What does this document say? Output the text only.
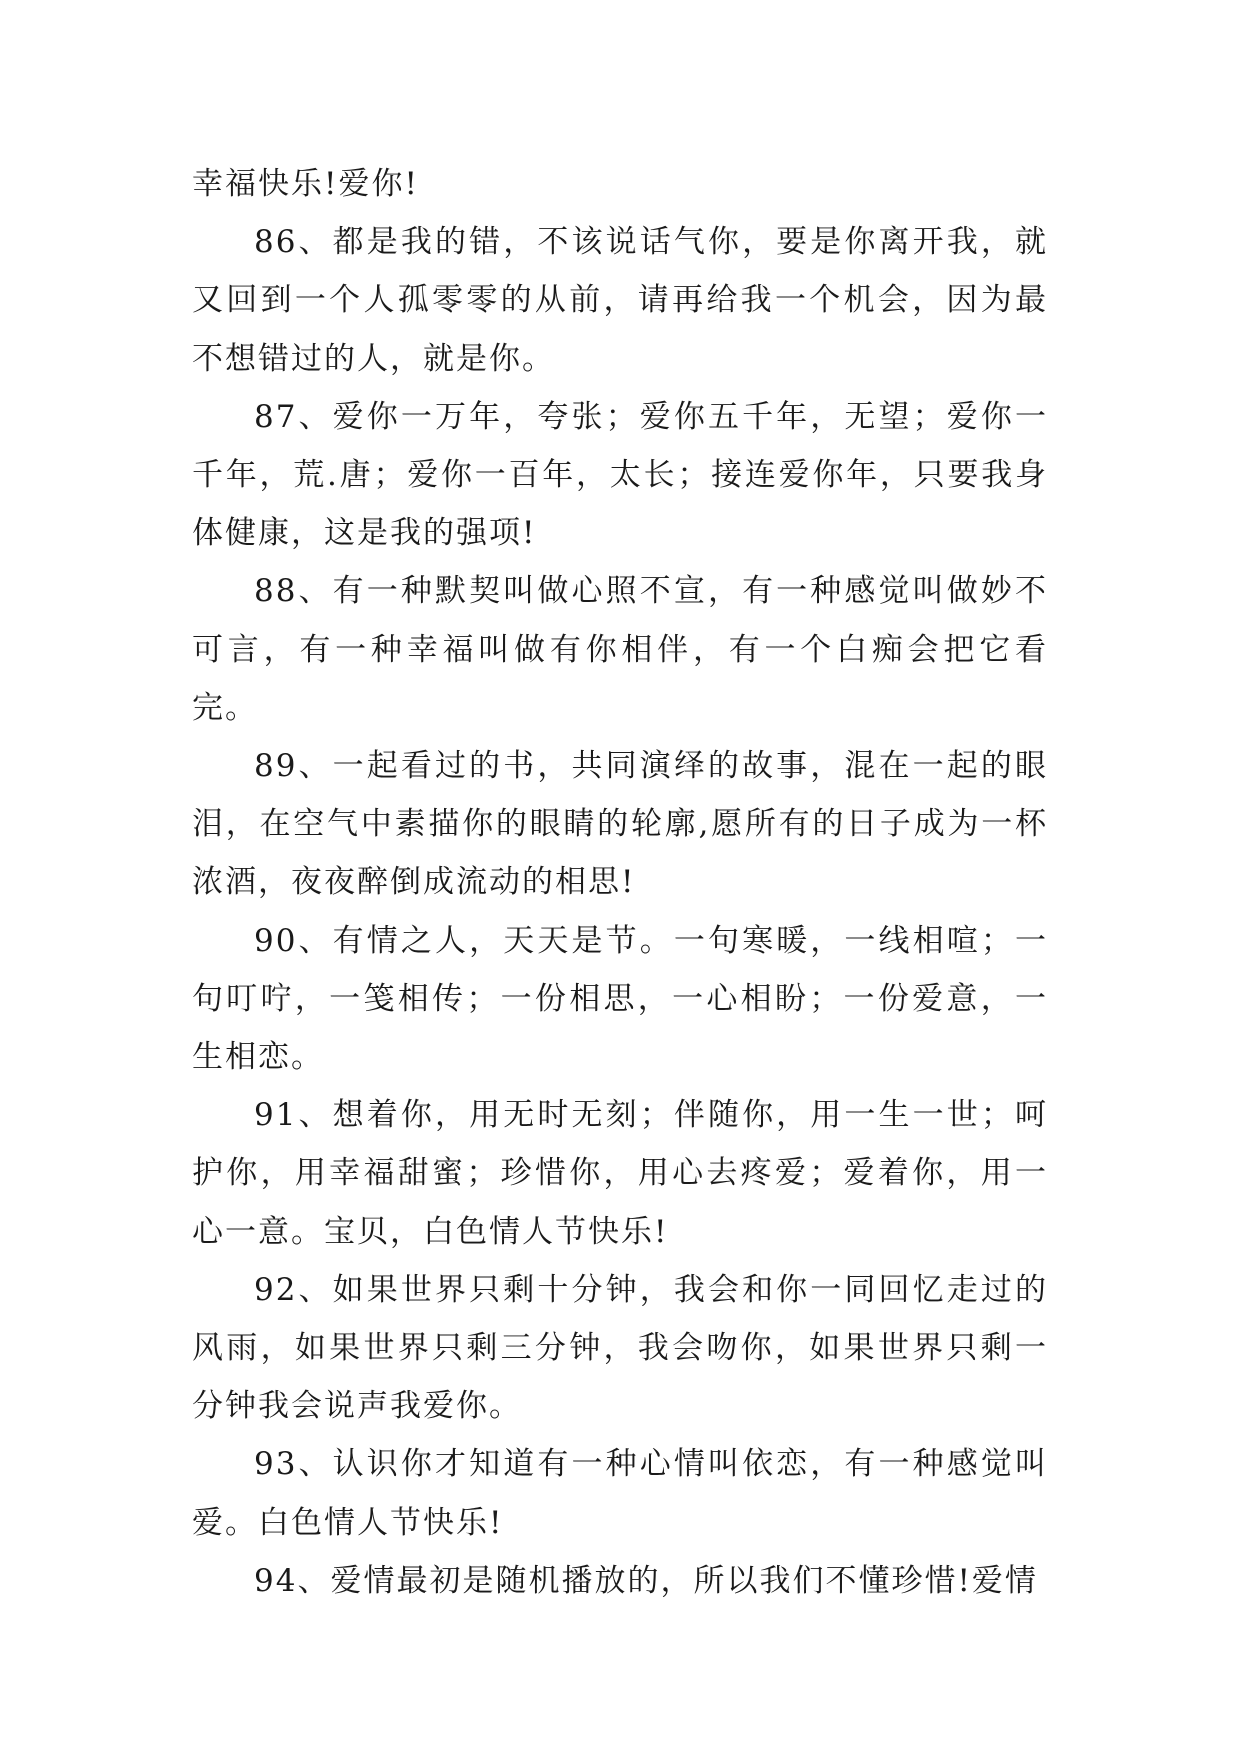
幸福快乐!爱你!

86、都是我的错，不该说话气你，要是你离开我，就又回到一个人孤零零的从前，请再给我一个机会，因为最不想错过的人，就是你。

87、爱你一万年，夸张；爱你五千年，无望；爱你一千年，荒.唐；爱你一百年，太长；接连爱你年，只要我身体健康，这是我的强项!

88、有一种默契叫做心照不宣，有一种感觉叫做妙不可言，有一种幸福叫做有你相伴，有一个白痴会把它看完。

89、一起看过的书，共同演绎的故事，混在一起的眼泪，在空气中素描你的眼睛的轮廓,愿所有的日子成为一杯浓酒，夜夜醉倒成流动的相思!

90、有情之人，天天是节。一句寒暖，一线相喧；一句叮咛，一笺相传；一份相思，一心相盼；一份爱意，一生相恋。

91、想着你，用无时无刻；伴随你，用一生一世；呵护你，用幸福甜蜜；珍惜你，用心去疼爱；爱着你，用一心一意。宝贝，白色情人节快乐!

92、如果世界只剩十分钟，我会和你一同回忆走过的风雨，如果世界只剩三分钟，我会吻你，如果世界只剩一分钟我会说声我爱你。

93、认识你才知道有一种心情叫依恋，有一种感觉叫爱。白色情人节快乐!

94、爱情最初是随机播放的，所以我们不懂珍惜!爱情
